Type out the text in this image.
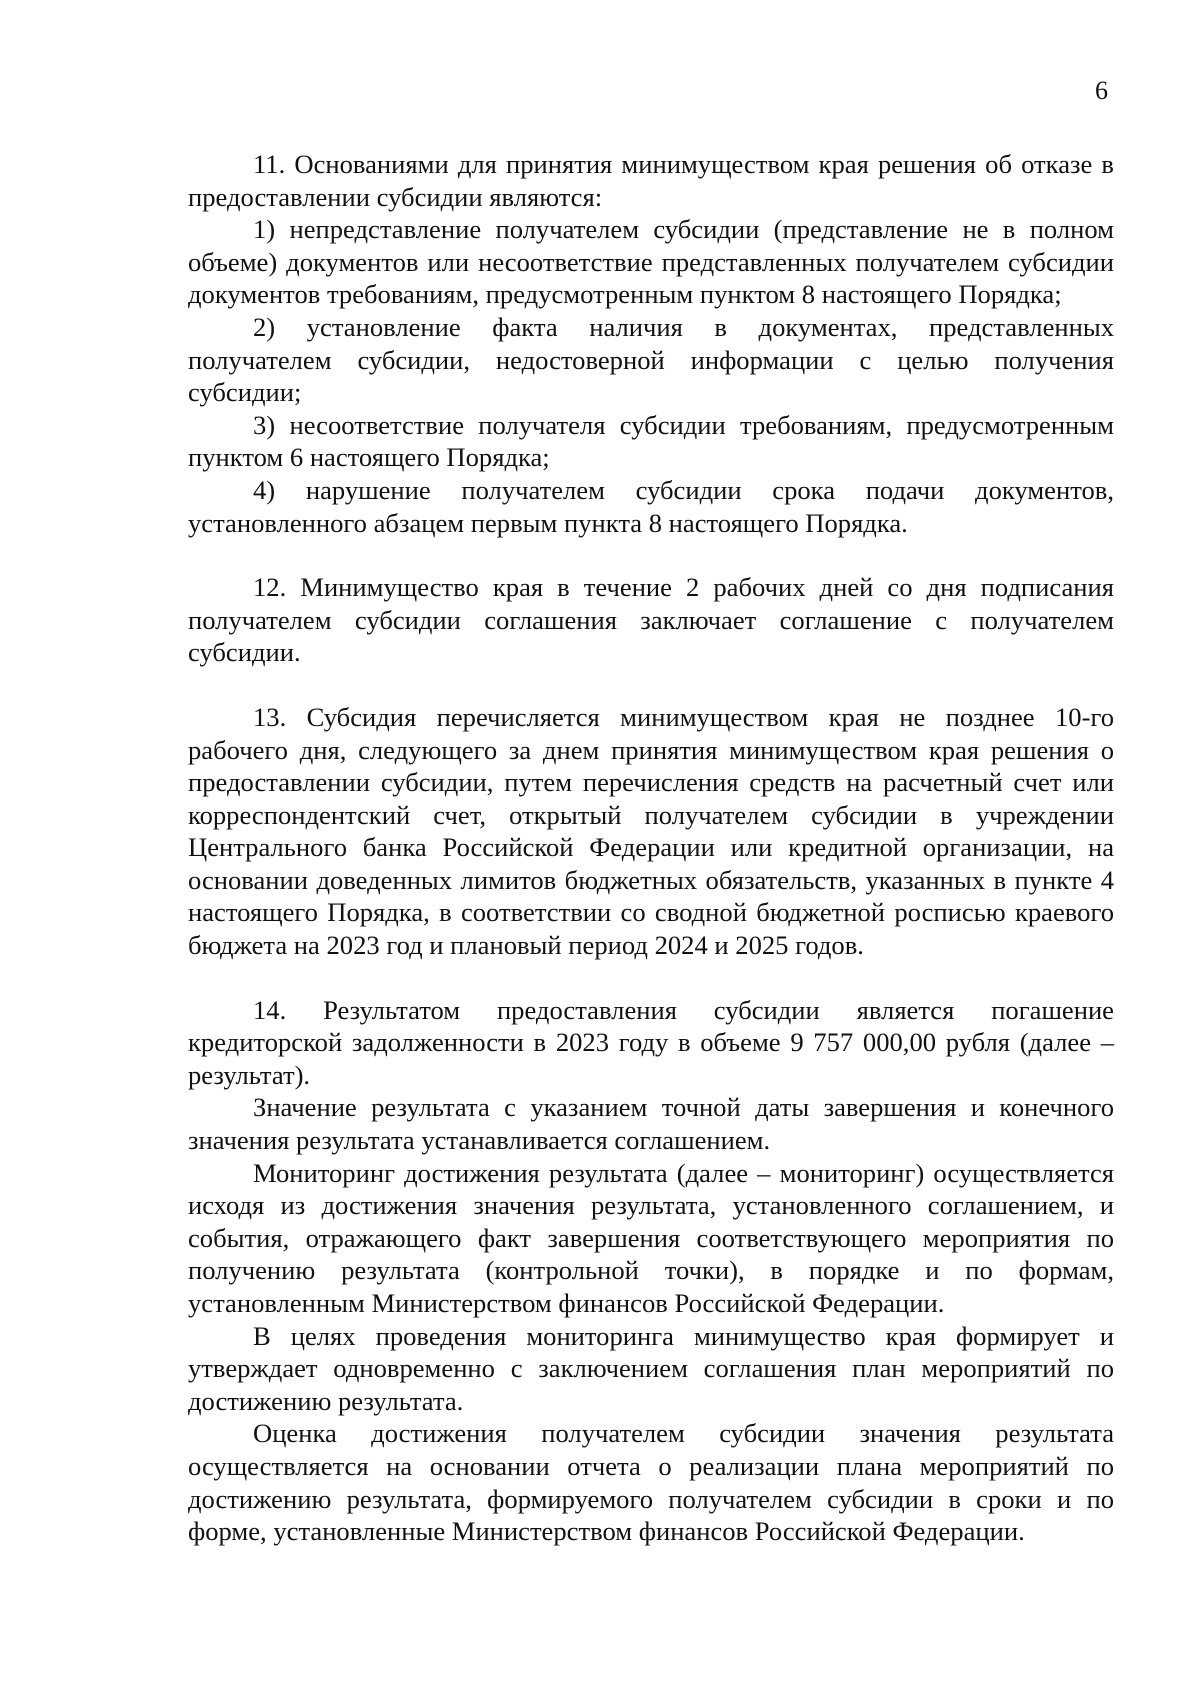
6

11. Основаниями для принятия минимуществом края решения об отказе в предоставлении субсидии являются:

1) непредставление получателем субсидии (представление не в полном объеме) документов или несоответствие представленных получателем субсидии документов требованиям, предусмотренным пунктом 8 настоящего Порядка;

2) установление факта наличия в документах, представленных получателем субсидии, недостоверной информации с целью получения субсидии;

3) несоответствие получателя субсидии требованиям, предусмотренным пунктом 6 настоящего Порядка;

4) нарушение получателем субсидии срока подачи документов, установленного абзацем первым пункта 8 настоящего Порядка.

12. Минимущество края в течение 2 рабочих дней со дня подписания получателем субсидии соглашения заключает соглашение с получателем субсидии.

13. Субсидия перечисляется минимуществом края не позднее 10-го рабочего дня, следующего за днем принятия минимуществом края решения о предоставлении субсидии, путем перечисления средств на расчетный счет или корреспондентский счет, открытый получателем субсидии в учреждении Центрального банка Российской Федерации или кредитной организации, на основании доведенных лимитов бюджетных обязательств, указанных в пункте 4 настоящего Порядка, в соответствии со сводной бюджетной росписью краевого бюджета на 2023 год и плановый период 2024 и 2025 годов.

14. Результатом предоставления субсидии является погашение кредиторской задолженности в 2023 году в объеме 9 757 000,00 рубля (далее – результат).

Значение результата с указанием точной даты завершения и конечного значения результата устанавливается соглашением.

Мониторинг достижения результата (далее – мониторинг) осуществляется исходя из достижения значения результата, установленного соглашением, и события, отражающего факт завершения соответствующего мероприятия по получению результата (контрольной точки), в порядке и по формам, установленным Министерством финансов Российской Федерации.

В целях проведения мониторинга минимущество края формирует и утверждает одновременно с заключением соглашения план мероприятий по достижению результата.

Оценка достижения получателем субсидии значения результата осуществляется на основании отчета о реализации плана мероприятий по достижению результата, формируемого получателем субсидии в сроки и по форме, установленные Министерством финансов Российской Федерации.
